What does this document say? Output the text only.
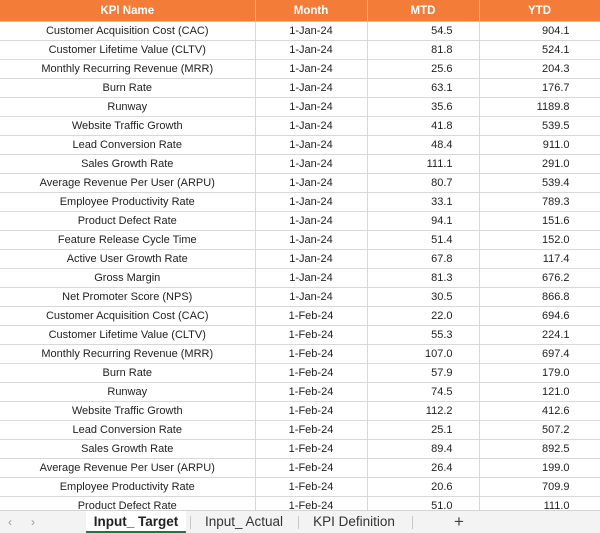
KPI Name	Month	MTD	YTD
Customer Acquisition Cost (CAC)	1-Jan-24	54.5	904.1
Customer Lifetime Value (CLTV)	1-Jan-24	81.8	524.1
Monthly Recurring Revenue (MRR)	1-Jan-24	25.6	204.3
Burn Rate	1-Jan-24	63.1	176.7
Runway	1-Jan-24	35.6	1189.8
Website Traffic Growth	1-Jan-24	41.8	539.5
Lead Conversion Rate	1-Jan-24	48.4	911.0
Sales Growth Rate	1-Jan-24	111.1	291.0
Average Revenue Per User (ARPU)	1-Jan-24	80.7	539.4
Employee Productivity Rate	1-Jan-24	33.1	789.3
Product Defect Rate	1-Jan-24	94.1	151.6
Feature Release Cycle Time	1-Jan-24	51.4	152.0
Active User Growth Rate	1-Jan-24	67.8	117.4
Gross Margin	1-Jan-24	81.3	676.2
Net Promoter Score (NPS)	1-Jan-24	30.5	866.8
Customer Acquisition Cost (CAC)	1-Feb-24	22.0	694.6
Customer Lifetime Value (CLTV)	1-Feb-24	55.3	224.1
Monthly Recurring Revenue (MRR)	1-Feb-24	107.0	697.4
Burn Rate	1-Feb-24	57.9	179.0
Runway	1-Feb-24	74.5	121.0
Website Traffic Growth	1-Feb-24	112.2	412.6
Lead Conversion Rate	1-Feb-24	25.1	507.2
Sales Growth Rate	1-Feb-24	89.4	892.5
Average Revenue Per User (ARPU)	1-Feb-24	26.4	199.0
Employee Productivity Rate	1-Feb-24	20.6	709.9
Product Defect Rate	1-Feb-24	51.0	111.0
‹	›	Input_ Target	Input_ Actual	KPI Definition	+
